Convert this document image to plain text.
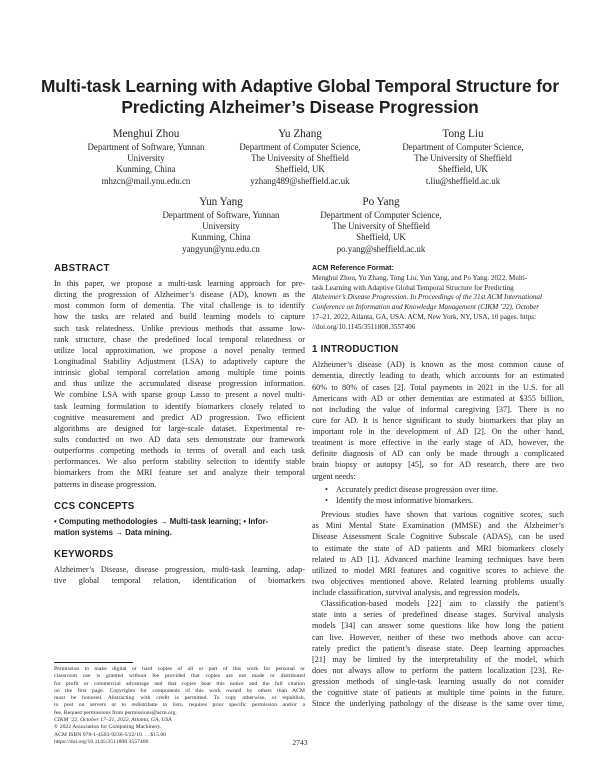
Multi-task Learning with Adaptive Global Temporal Structure for
Predicting Alzheimer’s Disease Progression
Menghui Zhou
Department of Software, Yunnan
University
Kunming, China
mhzcn@mail.ynu.edu.cn
Yu Zhang
Department of Computer Science,
The University of Sheffield
Sheffield, UK
yzhang489@sheffield.ac.uk
Tong Liu
Department of Computer Science,
The University of Sheffield
Sheffield, UK
t.liu@sheffield.ac.uk
Yun Yang
Department of Software, Yunnan
University
Kunming, China
yangyun@ynu.edu.cn
Po Yang
Department of Computer Science,
The University of Sheffield
Sheffield, UK
po.yang@sheffield.ac.uk
ABSTRACT
In this paper, we propose a multi-task learning approach for pre-
dicting the progression of Alzheimer’s disease (AD), known as the
most common form of dementia. The vital challenge is to identify
how the tasks are related and build learning models to capture
such task relatedness. Unlike previous methods that assume low-
rank structure, chase the predefined local temporal relatedness or
utilize local approximation, we propose a novel penalty termed
Longitudinal Stability Adjustment (LSA) to adaptively capture the
intrinsic global temporal correlation among multiple time points
and thus utilize the accumulated disease progression information.
We combine LSA with sparse group Lasso to present a novel multi-
task learning formulation to identify biomarkers closely related to
cognitive measurement and predict AD progression. Two efficient
algorithms are designed for large-scale dataset. Experimental re-
sults conducted on two AD data sets demonstrate our framework
outperforms competing methods in terms of overall and each task
performances. We also perform stability selection to identify stable
biomarkers from the MRI feature set and analyze their temporal
patterns in disease progression.
CCS CONCEPTS
• Computing methodologies → Multi-task learning; • Infor-
mation systems → Data mining.
KEYWORDS
Alzheimer’s Disease, disease progression, multi-task learning, adap-
tive global temporal relation, identification of biomarkers
ACM Reference Format:
Menghui Zhou, Yu Zhang, Tong Liu, Yun Yang, and Po Yang. 2022. Multi-
task Learning with Adaptive Global Temporal Structure for Predicting
Alzheimer’s Disease Progression. In Proceedings of the 31st ACM International
Conference on Information and Knowledge Management (CIKM ’22), October
17–21, 2022, Atlanta, GA, USA. ACM, New York, NY, USA, 10 pages. https:
//doi.org/10.1145/3511808.3557406
1 INTRODUCTION
Alzheimer’s disease (AD) is known as the most common cause of
dementia, directly leading to death, which accounts for an estimated
60% to 80% of cases [2]. Total payments in 2021 in the U.S. for all
Americans with AD or other dementias are estimated at $355 billion,
not including the value of informal caregiving [37]. There is no
cure for AD. It is hence significant to study biomarkers that play an
important role in the development of AD [2]. On the other hand,
treatment is more effective in the early stage of AD, however, the
definite diagnosis of AD can only be made through a complicated
brain biopsy or autopsy [45], so for AD research, there are two
urgent needs:
• Accurately predict disease progression over time.
• Identify the most informative biomarkers.
Previous studies have shown that various cognitive scores, such
as Mini Mental State Examination (MMSE) and the Alzheimer’s
Disease Assessment Scale Cognitive Subscale (ADAS), can be used
to estimate the state of AD patients and MRI biomarkers closely
related to AD [1]. Advanced machine learning techniques have been
utilized to model MRI features and cognitive scores to achieve the
two objectives mentioned above. Related learning problems usually
include classification, survival analysis, and regression models.
Classification-based models [22] aim to classify the patient’s
state into a series of predefined disease stages. Survival analysis
models [34] can answer some questions like how long the patient
can live. However, neither of these two methods above can accu-
rately predict the patient’s disease state. Deep learning approaches
[21] may be limited by the interpretability of the model, which
does not always allow to perform the pattern localization [23]. Re-
gression methods of single-task learning usually do not consider
the cognitive state of patients at multiple time points in the future.
Since the underlying pathology of the disease is the same over time,
Permission to make digital or hard copies of all or part of this work for personal or
classroom use is granted without fee provided that copies are not made or distributed
for profit or commercial advantage and that copies bear this notice and the full citation
on the first page. Copyrights for components of this work owned by others than ACM
must be honored. Abstracting with credit is permitted. To copy otherwise, or republish,
to post on servers or to redistribute to lists, requires prior specific permission and/or a
fee. Request permissions from permissions@acm.org.
CIKM ’22, October 17–21, 2022, Atlanta, GA, USA
© 2022 Association for Computing Machinery.
ACM ISBN 978-1-4503-9236-5/22/10. . . $15.00
https://doi.org/10.1145/3511808.3557406	2743
